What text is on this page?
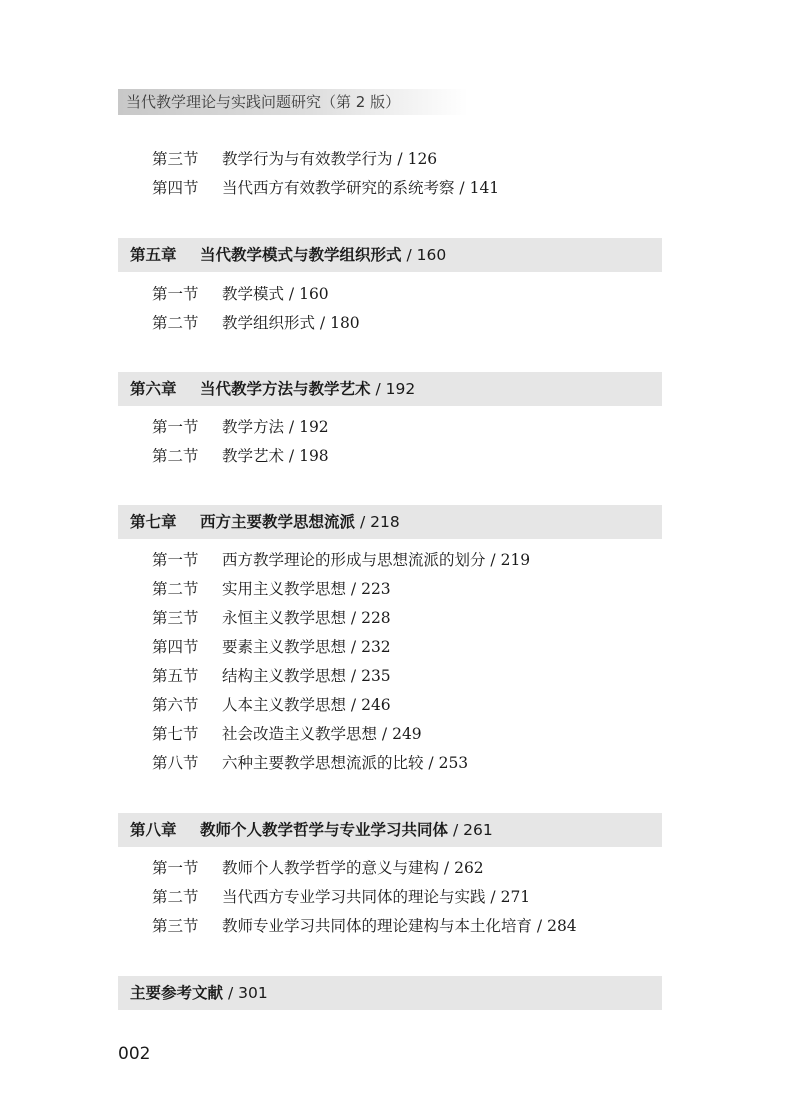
当代教学理论与实践问题研究（第 2 版）
第三节 教学行为与有效教学行为 / 126
第四节 当代西方有效教学研究的系统考察 / 141
第五章 当代教学模式与教学组织形式 / 160
第一节 教学模式 / 160
第二节 教学组织形式 / 180
第六章 当代教学方法与教学艺术 / 192
第一节 教学方法 / 192
第二节 教学艺术 / 198
第七章 西方主要教学思想流派 / 218
第一节 西方教学理论的形成与思想流派的划分 / 219
第二节 实用主义教学思想 / 223
第三节 永恒主义教学思想 / 228
第四节 要素主义教学思想 / 232
第五节 结构主义教学思想 / 235
第六节 人本主义教学思想 / 246
第七节 社会改造主义教学思想 / 249
第八节 六种主要教学思想流派的比较 / 253
第八章 教师个人教学哲学与专业学习共同体 / 261
第一节 教师个人教学哲学的意义与建构 / 262
第二节 当代西方专业学习共同体的理论与实践 / 271
第三节 教师专业学习共同体的理论建构与本土化培育 / 284
主要参考文献 / 301
002
